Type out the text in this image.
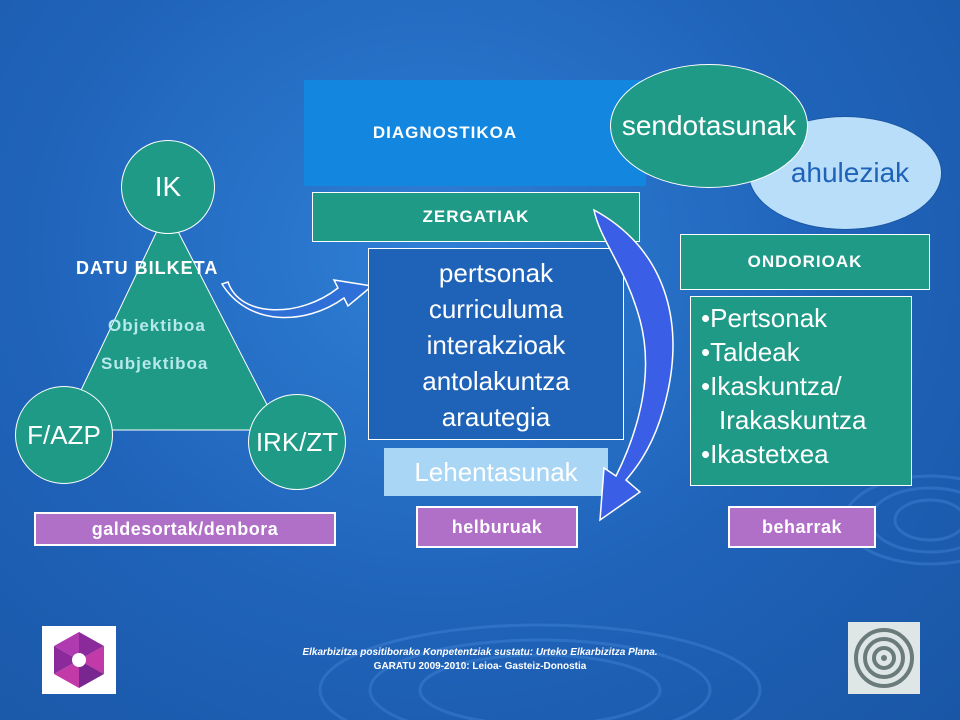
DIAGNOSTIKOA
ahuleziak
sendotasunak
IK
F/AZP	IRK/ZT
DATU BILKETA
Objektiboa
Subjektiboa
ZERGATIAK
pertsonak
curriculuma
interakzioak
antolakuntza
arautegia
Lehentasunak
ONDORIOAK
•Pertsonak
•Taldeak
•Ikaskuntza/
Irakaskuntza
•Ikastetxea
galdesortak/denbora	helburuak	beharrak
Elkarbizitza positiborako Konpetentziak sustatu: Urteko Elkarbizitza Plana.
GARATU 2009-2010: Leioa- Gasteiz-Donostia
